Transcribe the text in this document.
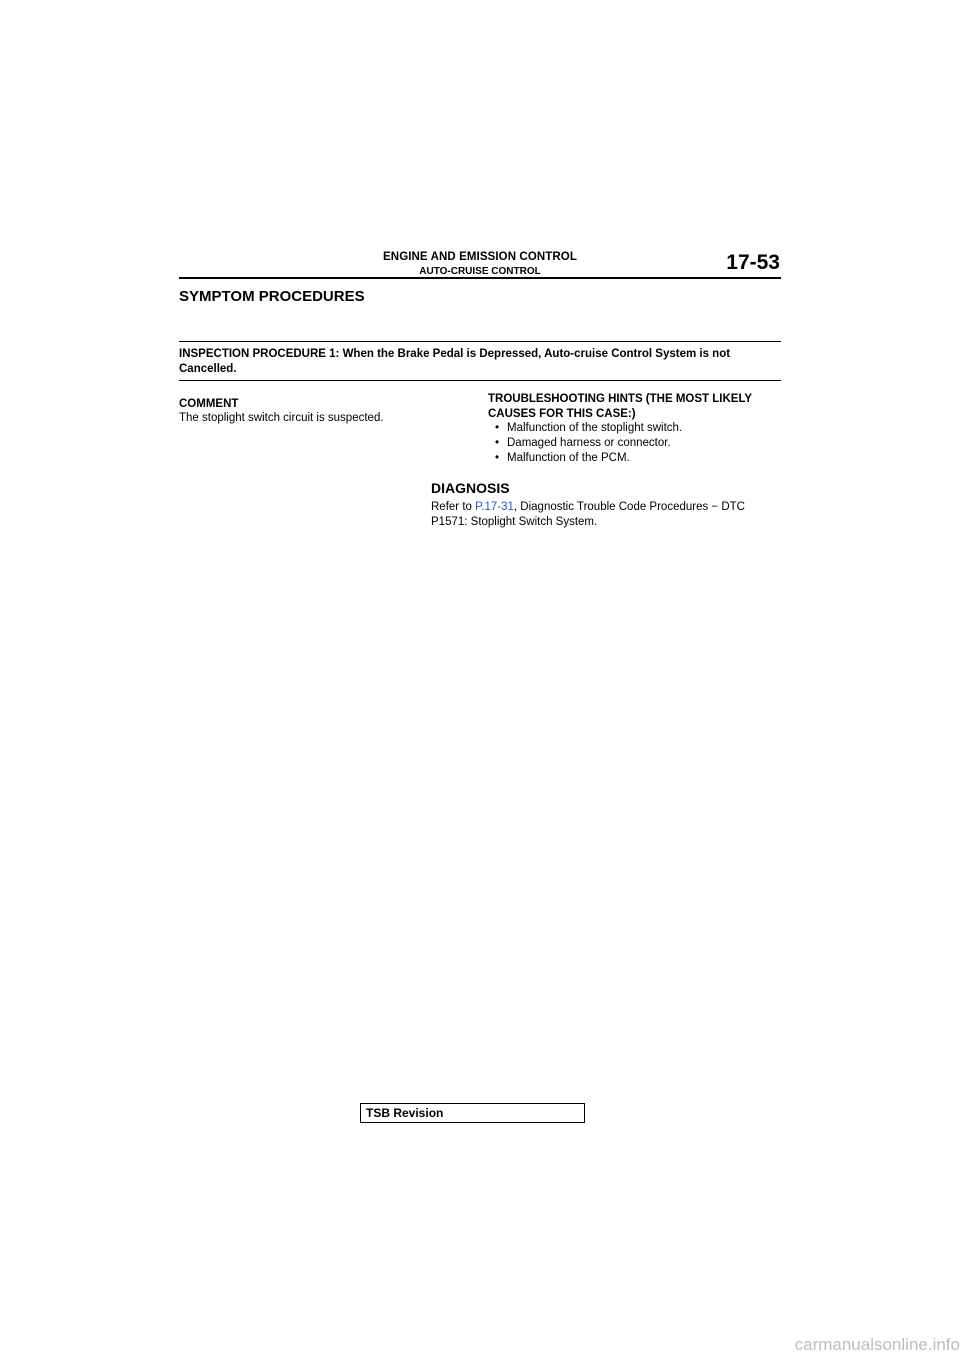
ENGINE AND EMISSION CONTROL
AUTO-CRUISE CONTROL	17-53
SYMPTOM PROCEDURES
INSPECTION PROCEDURE 1: When the Brake Pedal is Depressed, Auto-cruise Control System is not Cancelled.
COMMENT
The stoplight switch circuit is suspected.
TROUBLESHOOTING HINTS (THE MOST LIKELY CAUSES FOR THIS CASE:)
• Malfunction of the stoplight switch.
• Damaged harness or connector.
• Malfunction of the PCM.
DIAGNOSIS
Refer to P.17-31, Diagnostic Trouble Code Procedures − DTC
P1571: Stoplight Switch System.
TSB Revision
carmanualsonline.info
